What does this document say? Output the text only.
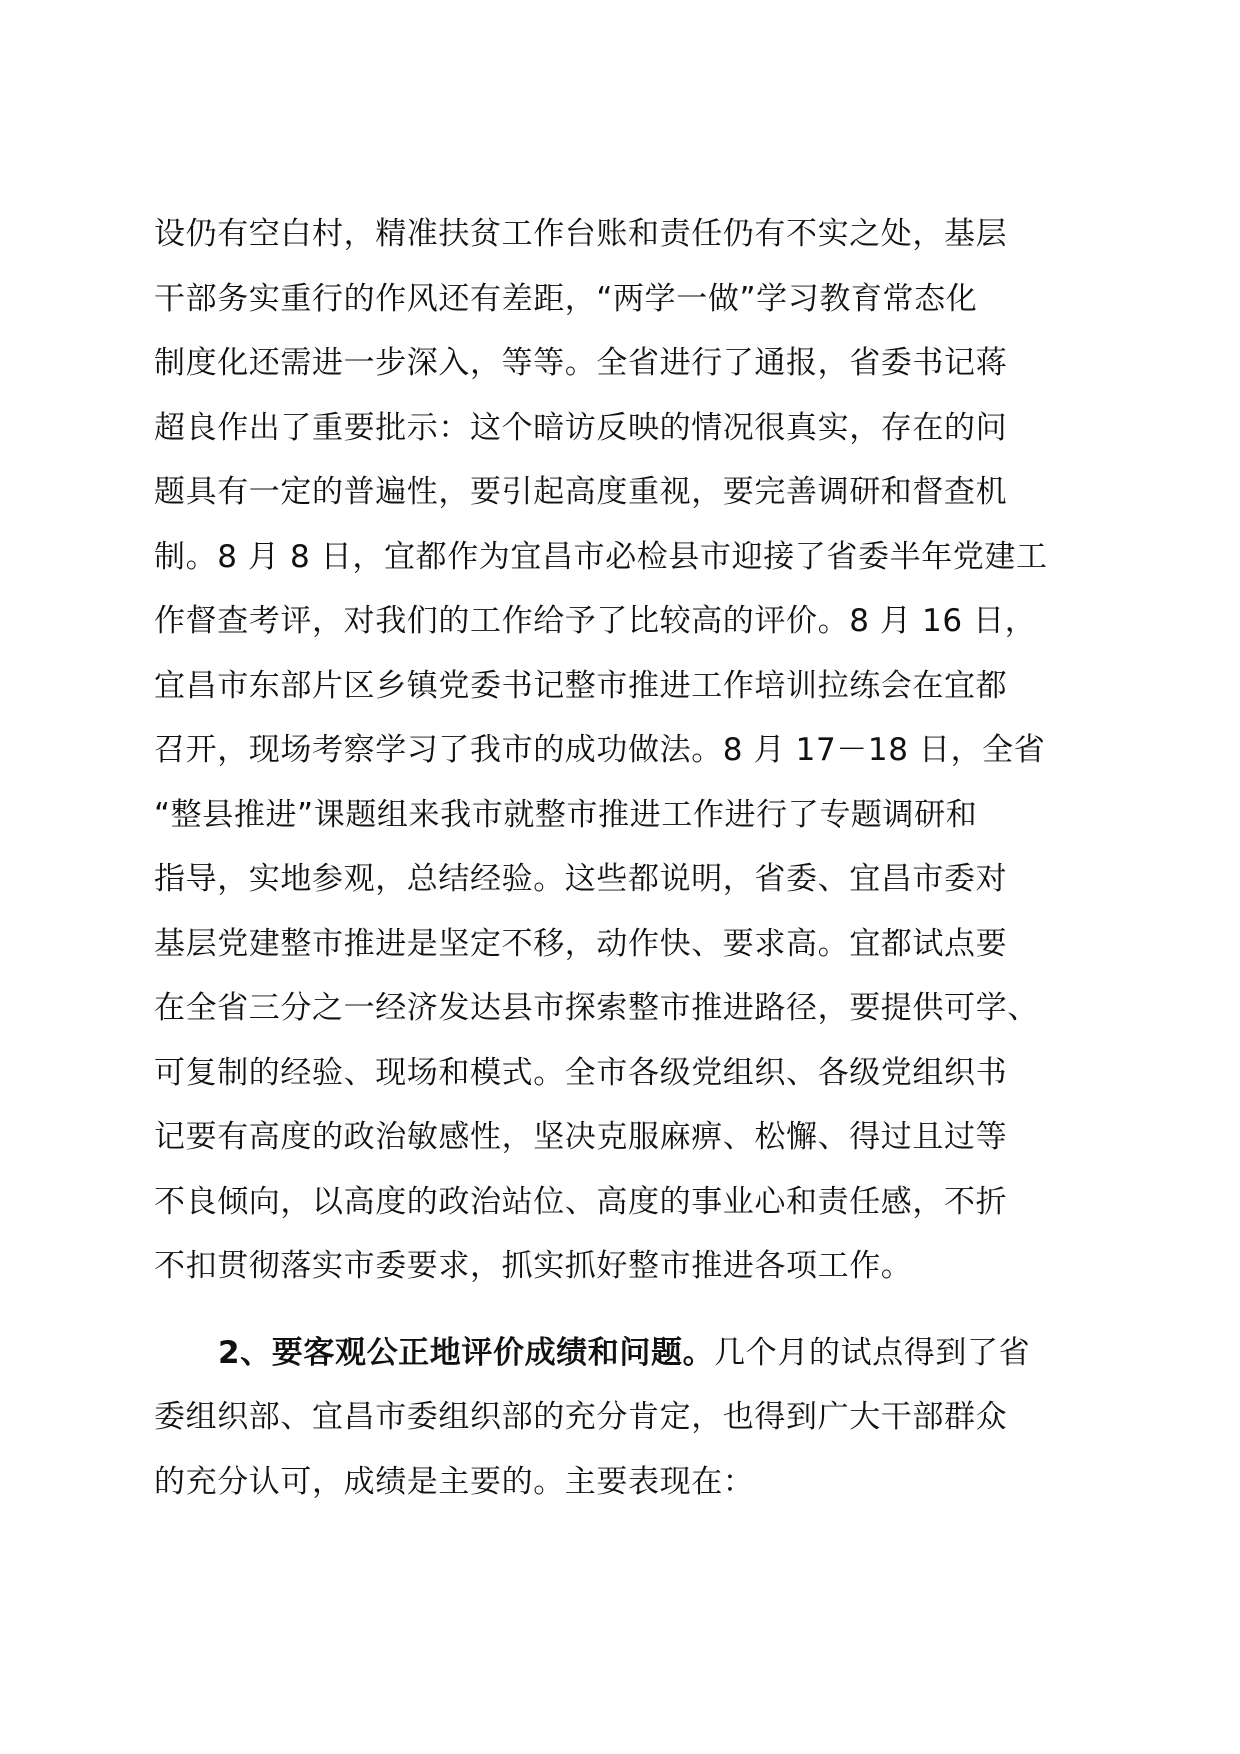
设仍有空白村，精准扶贫工作台账和责任仍有不实之处，基层
干部务实重行的作风还有差距，“两学一做”学习教育常态化
制度化还需进一步深入，等等。全省进行了通报，省委书记蒋
超良作出了重要批示：这个暗访反映的情况很真实，存在的问
题具有一定的普遍性，要引起高度重视，要完善调研和督查机
制。8 月 8 日，宜都作为宜昌市必检县市迎接了省委半年党建工
作督查考评，对我们的工作给予了比较高的评价。8 月 16 日，
宜昌市东部片区乡镇党委书记整市推进工作培训拉练会在宜都
召开，现场考察学习了我市的成功做法。8 月 17－18 日，全省
“整县推进”课题组来我市就整市推进工作进行了专题调研和
指导，实地参观，总结经验。这些都说明，省委、宜昌市委对
基层党建整市推进是坚定不移，动作快、要求高。宜都试点要
在全省三分之一经济发达县市探索整市推进路径，要提供可学、
可复制的经验、现场和模式。全市各级党组织、各级党组织书
记要有高度的政治敏感性，坚决克服麻痹、松懈、得过且过等
不良倾向，以高度的政治站位、高度的事业心和责任感，不折
不扣贯彻落实市委要求，抓实抓好整市推进各项工作。
2、要客观公正地评价成绩和问题。几个月的试点得到了省
委组织部、宜昌市委组织部的充分肯定，也得到广大干部群众
的充分认可，成绩是主要的。主要表现在：
